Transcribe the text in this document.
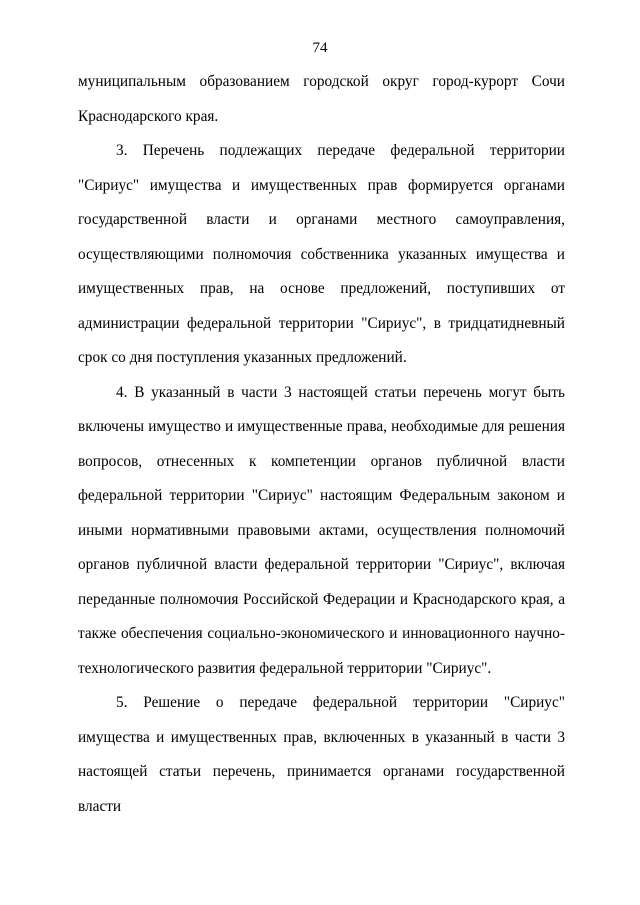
74

муниципальным образованием городской округ город-курорт Сочи Краснодарского края.

3. Перечень подлежащих передаче федеральной территории "Сириус" имущества и имущественных прав формируется органами государственной власти и органами местного самоуправления, осуществляющими полномочия собственника указанных имущества и имущественных прав, на основе предложений, поступивших от администрации федеральной территории "Сириус", в тридцатидневный срок со дня поступления указанных предложений.

4. В указанный в части 3 настоящей статьи перечень могут быть включены имущество и имущественные права, необходимые для решения вопросов, отнесенных к компетенции органов публичной власти федеральной территории "Сириус" настоящим Федеральным законом и иными нормативными правовыми актами, осуществления полномочий органов публичной власти федеральной территории "Сириус", включая переданные полномочия Российской Федерации и Краснодарского края, а также обеспечения социально-экономического и инновационного научно-технологического развития федеральной территории "Сириус".

5. Решение о передаче федеральной территории "Сириус" имущества и имущественных прав, включенных в указанный в части 3 настоящей статьи перечень, принимается органами государственной власти
